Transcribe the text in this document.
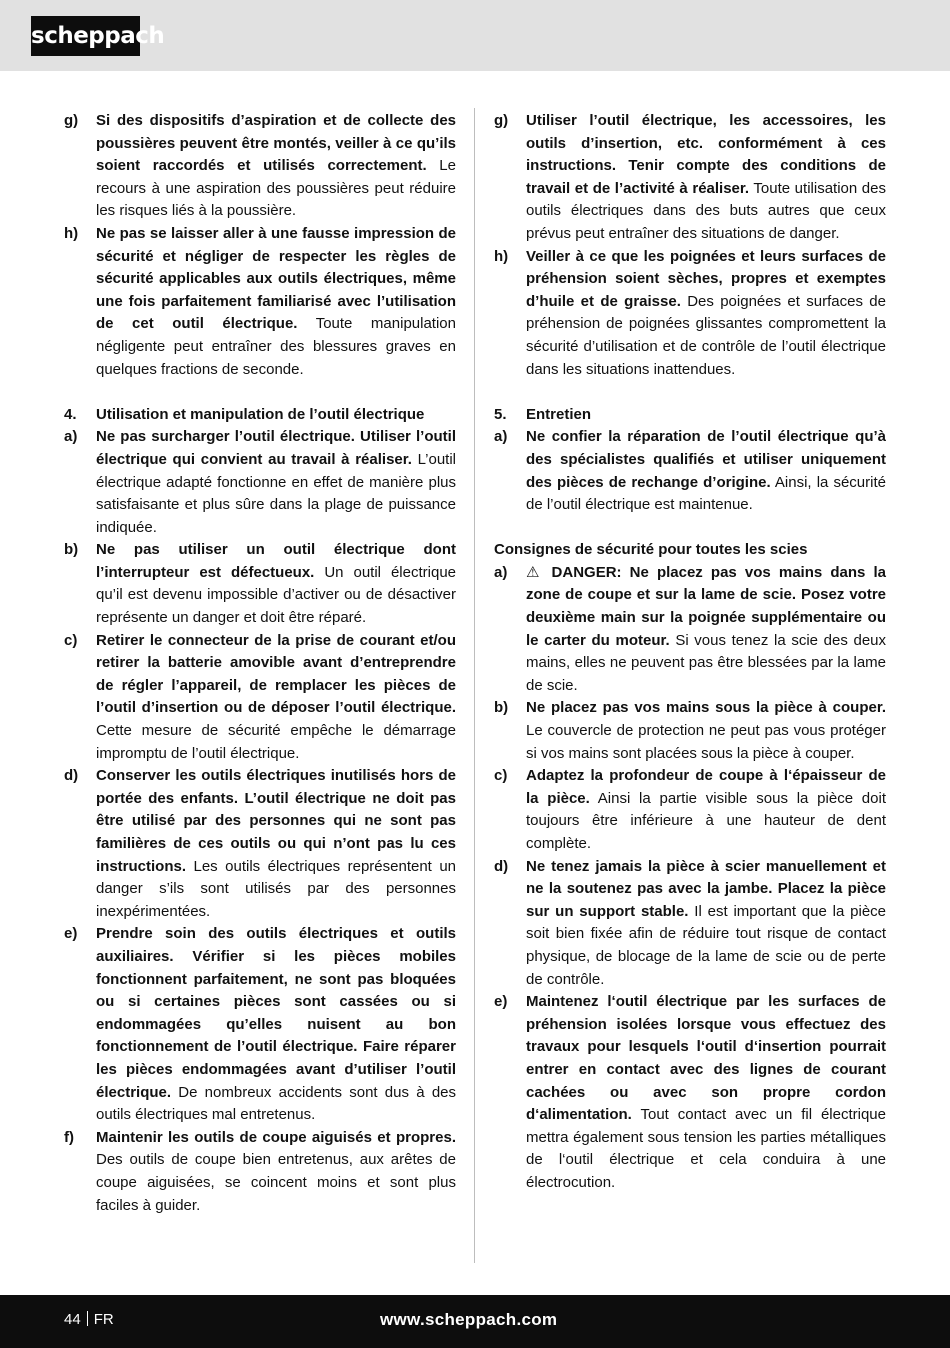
scheppach
g) Si des dispositifs d’aspiration et de collecte des poussières peuvent être montés, veiller à ce qu’ils soient raccordés et utilisés correctement. Le recours à une aspiration des poussières peut réduire les risques liés à la poussière.
h) Ne pas se laisser aller à une fausse impression de sécurité et négliger de respecter les règles de sécurité applicables aux outils électriques, même une fois parfaitement familiarisé avec l’utilisation de cet outil électrique. Toute manipulation négligente peut entraîner des blessures graves en quelques fractions de seconde.
4. Utilisation et manipulation de l’outil électrique
a) Ne pas surcharger l’outil électrique. Utiliser l’outil électrique qui convient au travail à réaliser. L’outil électrique adapté fonctionne en effet de manière plus satisfaisante et plus sûre dans la plage de puissance indiquée.
b) Ne pas utiliser un outil électrique dont l’interrupteur est défectueux. Un outil électrique qu’il est devenu impossible d’activer ou de désactiver représente un danger et doit être réparé.
c) Retirer le connecteur de la prise de courant et/ou retirer la batterie amovible avant d’entreprendre de régler l’appareil, de remplacer les pièces de l’outil d’insertion ou de déposer l’outil électrique. Cette mesure de sécurité empêche le démarrage impromptu de l’outil électrique.
d) Conserver les outils électriques inutilisés hors de portée des enfants. L’outil électrique ne doit pas être utilisé par des personnes qui ne sont pas familières de ces outils ou qui n’ont pas lu ces instructions. Les outils électriques représentent un danger s’ils sont utilisés par des personnes inexpérimentées.
e) Prendre soin des outils électriques et outils auxiliaires. Vérifier si les pièces mobiles fonctionnent parfaitement, ne sont pas bloquées ou si certaines pièces sont cassées ou si endommagées qu’elles nuisent au bon fonctionnement de l’outil électrique. Faire réparer les pièces endommagées avant d’utiliser l’outil électrique. De nombreux accidents sont dus à des outils électriques mal entretenus.
f) Maintenir les outils de coupe aiguisés et propres. Des outils de coupe bien entretenus, aux arêtes de coupe aiguisées, se coincent moins et sont plus faciles à guider.
g) Utiliser l’outil électrique, les accessoires, les outils d’insertion, etc. conformément à ces instructions. Tenir compte des conditions de travail et de l’activité à réaliser. Toute utilisation des outils électriques dans des buts autres que ceux prévus peut entraîner des situations de danger.
h) Veiller à ce que les poignées et leurs surfaces de préhension soient sèches, propres et exemptes d’huile et de graisse. Des poignées et surfaces de préhension de poignées glissantes compromettent la sécurité d’utilisation et de contrôle de l’outil électrique dans les situations inattendues.
5. Entretien
a) Ne confier la réparation de l’outil électrique qu’à des spécialistes qualifiés et utiliser uniquement des pièces de rechange d’origine. Ainsi, la sécurité de l’outil électrique est maintenue.
Consignes de sécurité pour toutes les scies
a) ⚠ DANGER: Ne placez pas vos mains dans la zone de coupe et sur la lame de scie. Posez votre deuxième main sur la poignée supplémentaire ou le carter du moteur. Si vous tenez la scie des deux mains, elles ne peuvent pas être blessées par la lame de scie.
b) Ne placez pas vos mains sous la pièce à couper. Le couvercle de protection ne peut pas vous protéger si vos mains sont placées sous la pièce à couper.
c) Adaptez la profondeur de coupe à l‘épaisseur de la pièce. Ainsi la partie visible sous la pièce doit toujours être inférieure à une hauteur de dent complète.
d) Ne tenez jamais la pièce à scier manuellement et ne la soutenez pas avec la jambe. Placez la pièce sur un support stable. Il est important que la pièce soit bien fixée afin de réduire tout risque de contact physique, de blocage de la lame de scie ou de perte de contrôle.
e) Maintenez l‘outil électrique par les surfaces de préhension isolées lorsque vous effectuez des travaux pour lesquels l‘outil d‘insertion pourrait entrer en contact avec des lignes de courant cachées ou avec son propre cordon d‘alimentation. Tout contact avec un fil électrique mettra également sous tension les parties métalliques de l‘outil électrique et cela conduira à une électrocution.
44 FR	www.scheppach.com
